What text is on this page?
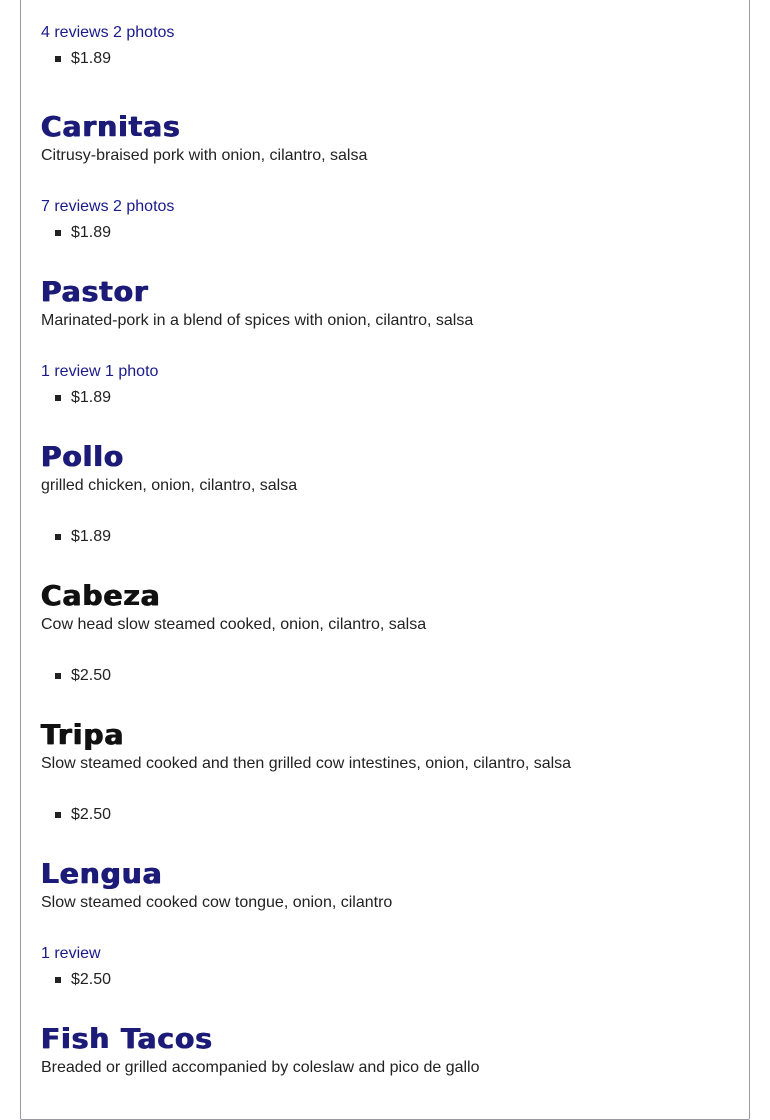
4 reviews 2 photos
$1.89
Carnitas

Citrusy-braised pork with onion, cilantro, salsa

7 reviews 2 photos
$1.89
Pastor

Marinated-pork in a blend of spices with onion, cilantro, salsa

1 review 1 photo
$1.89
Pollo

grilled chicken, onion, cilantro, salsa

$1.89
Cabeza

Cow head slow steamed cooked, onion, cilantro, salsa

$2.50
Tripa

Slow steamed cooked and then grilled cow intestines, onion, cilantro, salsa

$2.50
Lengua

Slow steamed cooked cow tongue, onion, cilantro

1 review
$2.50
Fish Tacos

Breaded or grilled accompanied by coleslaw and pico de gallo
